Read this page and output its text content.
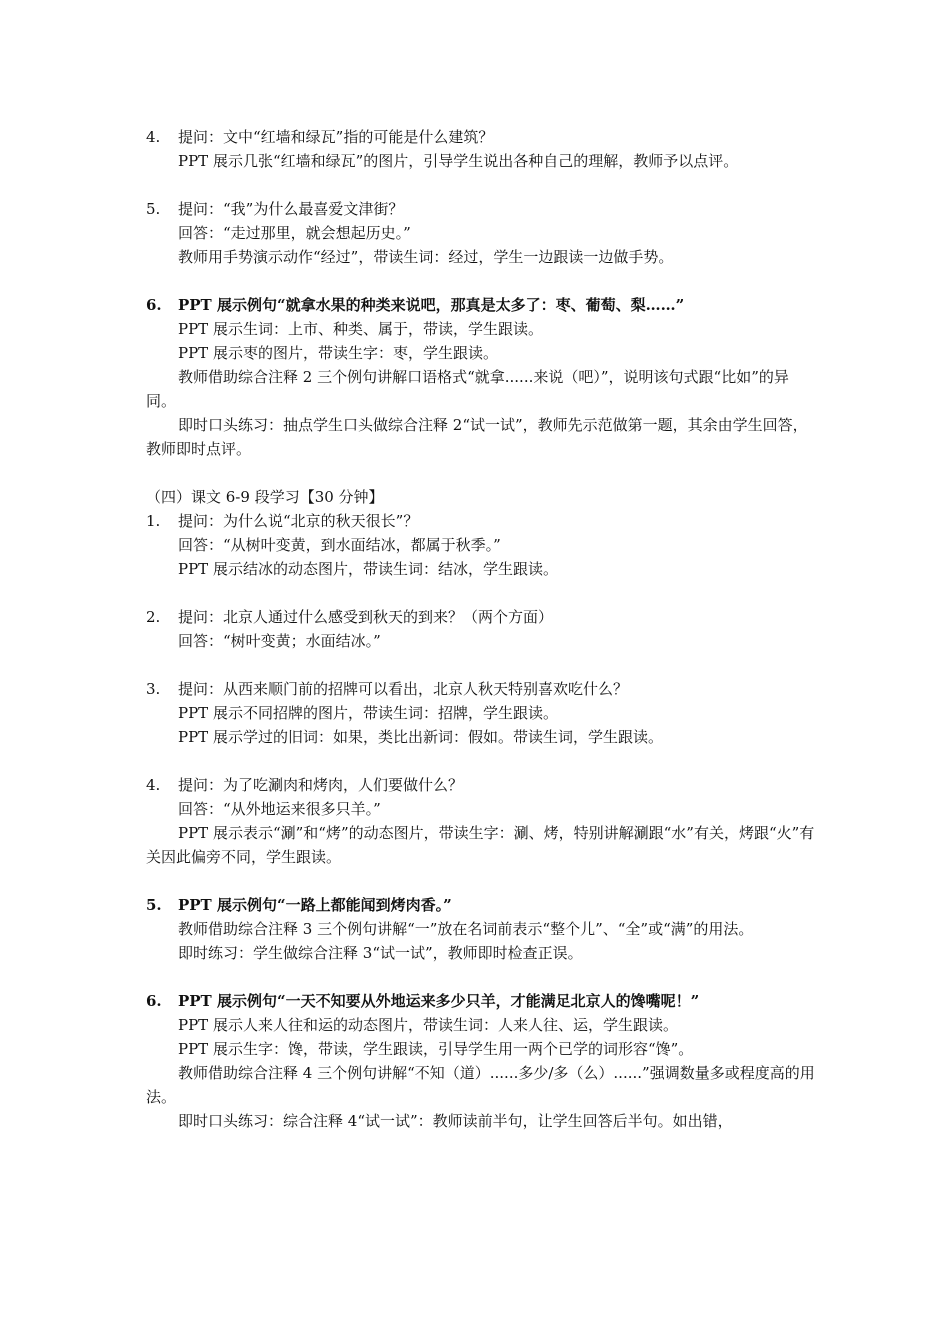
4. 提问：文中“红墙和绿瓦”指的可能是什么建筑？

PPT 展示几张“红墙和绿瓦”的图片，引导学生说出各种自己的理解，教师予以点评。

5. 提问：“我”为什么最喜爱文津街？

回答：“走过那里，就会想起历史。”

教师用手势演示动作“经过”，带读生词：经过，学生一边跟读一边做手势。

6. PPT 展示例句“就拿水果的种类来说吧，那真是太多了：枣、葡萄、梨……”

PPT 展示生词：上市、种类、属于，带读，学生跟读。

PPT 展示枣的图片，带读生字：枣，学生跟读。

教师借助综合注释 2 三个例句讲解口语格式“就拿......来说（吧）”，说明该句式跟“比如”的异同。

即时口头练习：抽点学生口头做综合注释 2“试一试”，教师先示范做第一题，其余由学生回答，教师即时点评。

（四）课文 6-9 段学习【30 分钟】

1. 提问：为什么说“北京的秋天很长”？

回答：“从树叶变黄，到水面结冰，都属于秋季。”

PPT 展示结冰的动态图片，带读生词：结冰，学生跟读。

2. 提问：北京人通过什么感受到秋天的到来？（两个方面）

回答：“树叶变黄；水面结冰。”

3. 提问：从西来顺门前的招牌可以看出，北京人秋天特别喜欢吃什么？

PPT 展示不同招牌的图片，带读生词：招牌，学生跟读。

PPT 展示学过的旧词：如果，类比出新词：假如。带读生词，学生跟读。

4. 提问：为了吃涮肉和烤肉，人们要做什么？

回答：“从外地运来很多只羊。”

PPT 展示表示“涮”和“烤”的动态图片，带读生字：涮、烤，特别讲解涮跟“水”有关，烤跟“火”有关因此偏旁不同，学生跟读。

5. PPT 展示例句“一路上都能闻到烤肉香。”

教师借助综合注释 3 三个例句讲解“一”放在名词前表示“整个儿”、“全”或“满”的用法。

即时练习：学生做综合注释 3“试一试”，教师即时检查正误。

6. PPT 展示例句“一天不知要从外地运来多少只羊，才能满足北京人的馋嘴呢！”

PPT 展示人来人往和运的动态图片，带读生词：人来人往、运，学生跟读。

PPT 展示生字：馋，带读，学生跟读，引导学生用一两个已学的词形容“馋”。

教师借助综合注释 4 三个例句讲解“不知（道）......多少/多（么）......”强调数量多或程度高的用法。

即时口头练习：综合注释 4“试一试”：教师读前半句，让学生回答后半句。如出错，
